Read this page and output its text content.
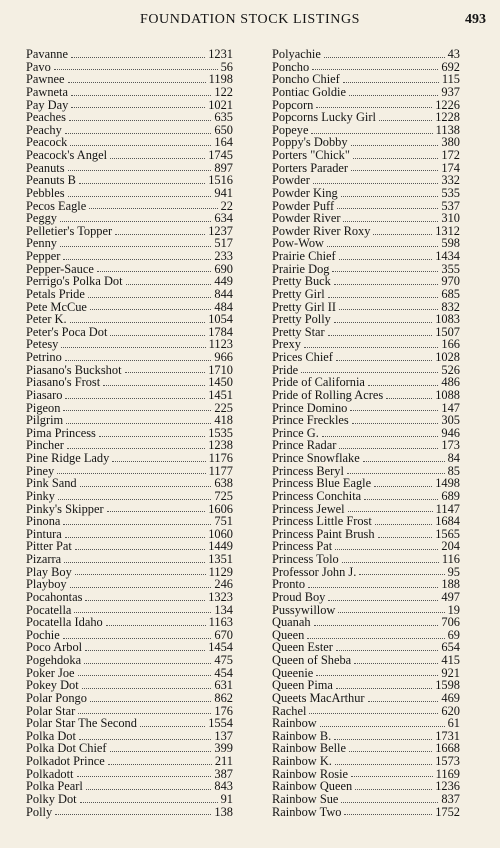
FOUNDATION STOCK LISTINGS	493
Pavanne	1231
Pavo	56
Pawnee	1198
Pawneta	122
Pay Day	1021
Peaches	635
Peachy	650
Peacock	164
Peacock's Angel	1745
Peanuts	897
Peanuts B	1516
Pebbles	941
Pecos Eagle	22
Peggy	634
Pelletier's Topper	1237
Penny	517
Pepper	233
Pepper-Sauce	690
Perrigo's Polka Dot	449
Petals Pride	844
Pete McCue	484
Peter K.	1054
Peter's Poca Dot	1784
Petesy	1123
Petrino	966
Piasano's Buckshot	1710
Piasano's Frost	1450
Piasaro	1451
Pigeon	225
Pilgrim	418
Pima Princess	1535
Pincher	1238
Pine Ridge Lady	1176
Piney	1177
Pink Sand	638
Pinky	725
Pinky's Skipper	1606
Pinona	751
Pintura	1060
Pitter Pat	1449
Pizarra	1351
Play Boy	1129
Playboy	246
Pocahontas	1323
Pocatella	134
Pocatella Idaho	1163
Pochie	670
Poco Arbol	1454
Pogehdoka	475
Poker Joe	454
Pokey Dot	631
Polar Pongo	862
Polar Star	176
Polar Star The Second	1554
Polka Dot	137
Polka Dot Chief	399
Polkadot Prince	211
Polkadott	387
Polka Pearl	843
Polky Dot	91
Polly	138
Polyachie	43
Poncho	692
Poncho Chief	115
Pontiac Goldie	937
Popcorn	1226
Popcorns Lucky Girl	1228
Popeye	1138
Poppy's Dobby	380
Porters "Chick"	172
Porters Parader	174
Powder	332
Powder King	535
Powder Puff	537
Powder River	310
Powder River Roxy	1312
Pow-Wow	598
Prairie Chief	1434
Prairie Dog	355
Pretty Buck	970
Pretty Girl	685
Pretty Girl II	832
Pretty Polly	1083
Pretty Star	1507
Prexy	166
Prices Chief	1028
Pride	526
Pride of California	486
Pride of Rolling Acres	1088
Prince Domino	147
Prince Freckles	305
Prince G.	946
Prince Radar	173
Prince Snowflake	84
Princess Beryl	85
Princess Blue Eagle	1498
Princess Conchita	689
Princess Jewel	1147
Princess Little Frost	1684
Princess Paint Brush	1565
Princess Pat	204
Princess Tolo	116
Professor John J.	95
Pronto	188
Proud Boy	497
Pussywillow	19
Quanah	706
Queen	69
Queen Ester	654
Queen of Sheba	415
Queenie	921
Queen Pima	1598
Queets MacArthur	469
Rachel	620
Rainbow	61
Rainbow B.	1731
Rainbow Belle	1668
Rainbow K.	1573
Rainbow Rosie	1169
Rainbow Queen	1236
Rainbow Sue	837
Rainbow Two	1752
